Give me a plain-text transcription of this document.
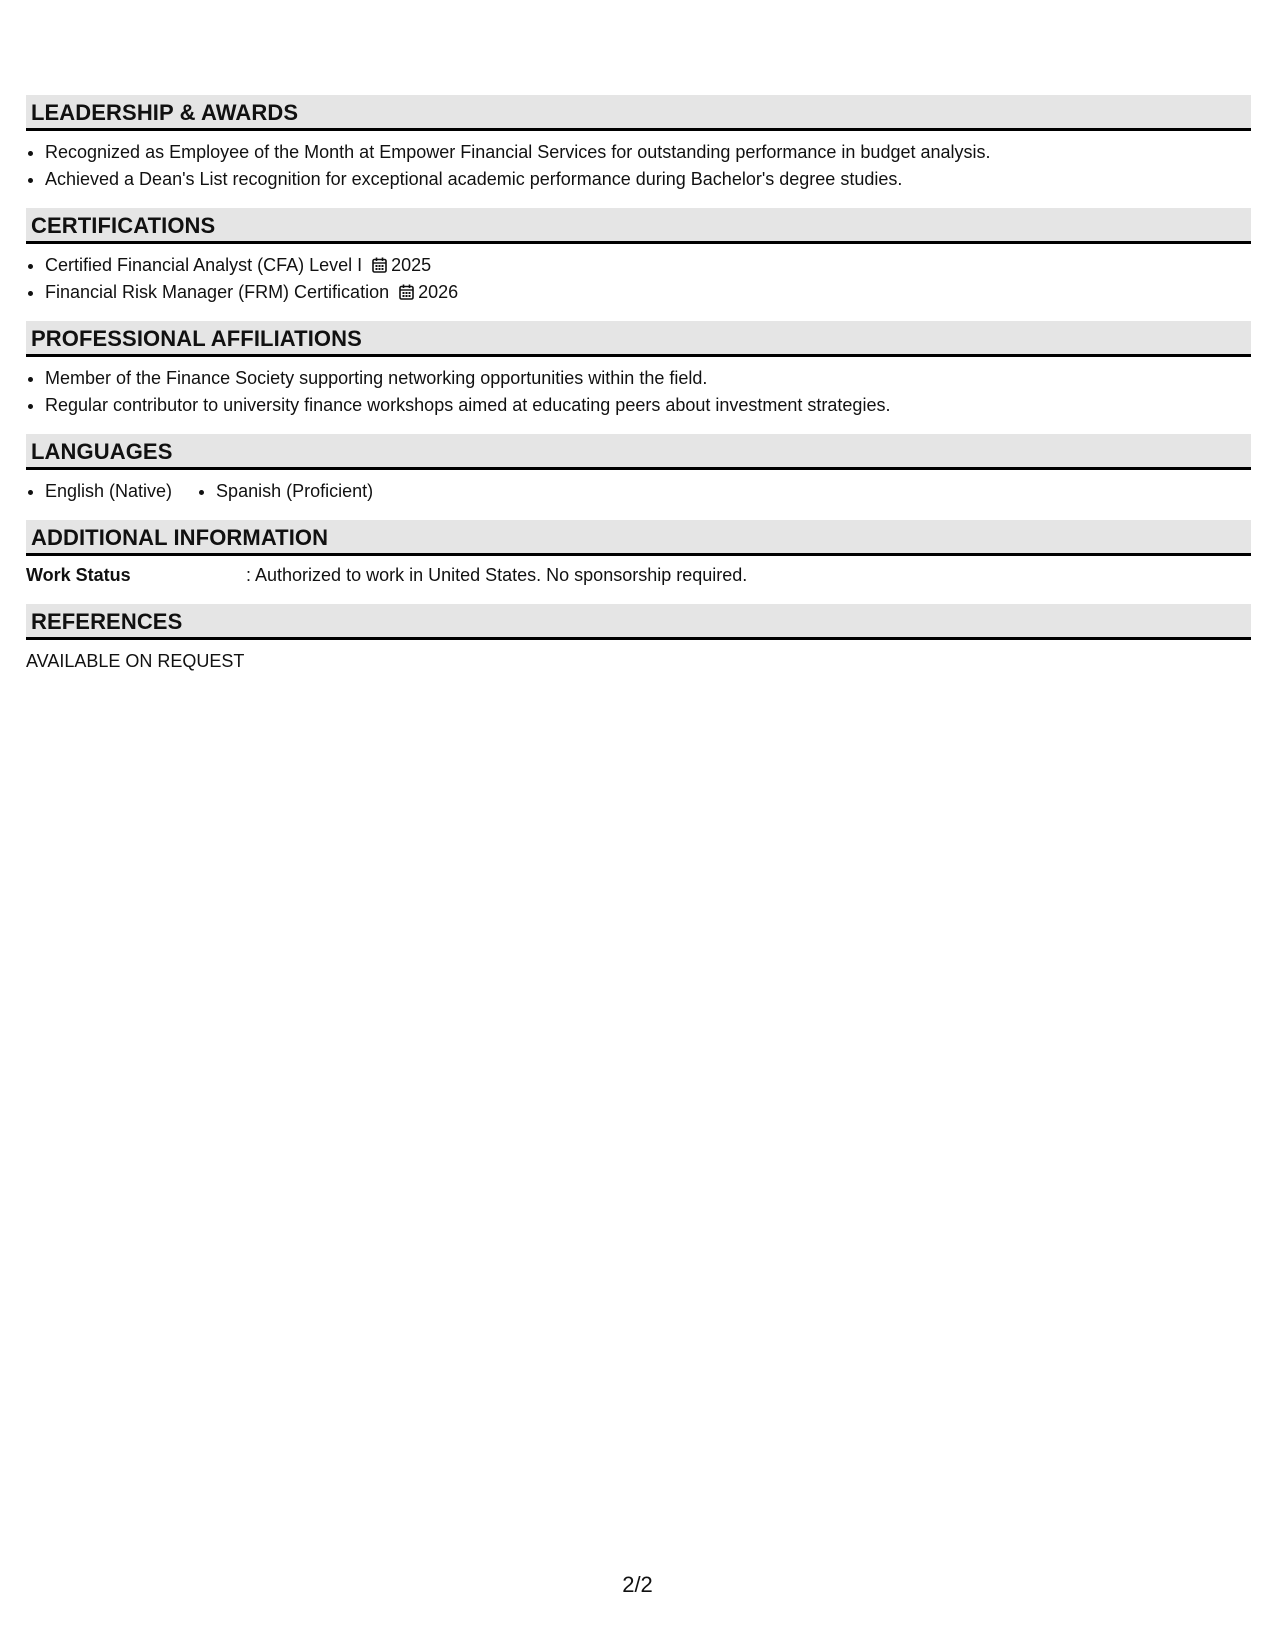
LEADERSHIP & AWARDS
• Recognized as Employee of the Month at Empower Financial Services for outstanding performance in budget analysis.
• Achieved a Dean's List recognition for exceptional academic performance during Bachelor's degree studies.
CERTIFICATIONS
• Certified Financial Analyst (CFA) Level I 2025
• Financial Risk Manager (FRM) Certification 2026
PROFESSIONAL AFFILIATIONS
• Member of the Finance Society supporting networking opportunities within the field.
• Regular contributor to university finance workshops aimed at educating peers about investment strategies.
LANGUAGES
• English (Native)
• Spanish (Proficient)
ADDITIONAL INFORMATION
Work Status	: Authorized to work in United States. No sponsorship required.
REFERENCES
AVAILABLE ON REQUEST
2/2
